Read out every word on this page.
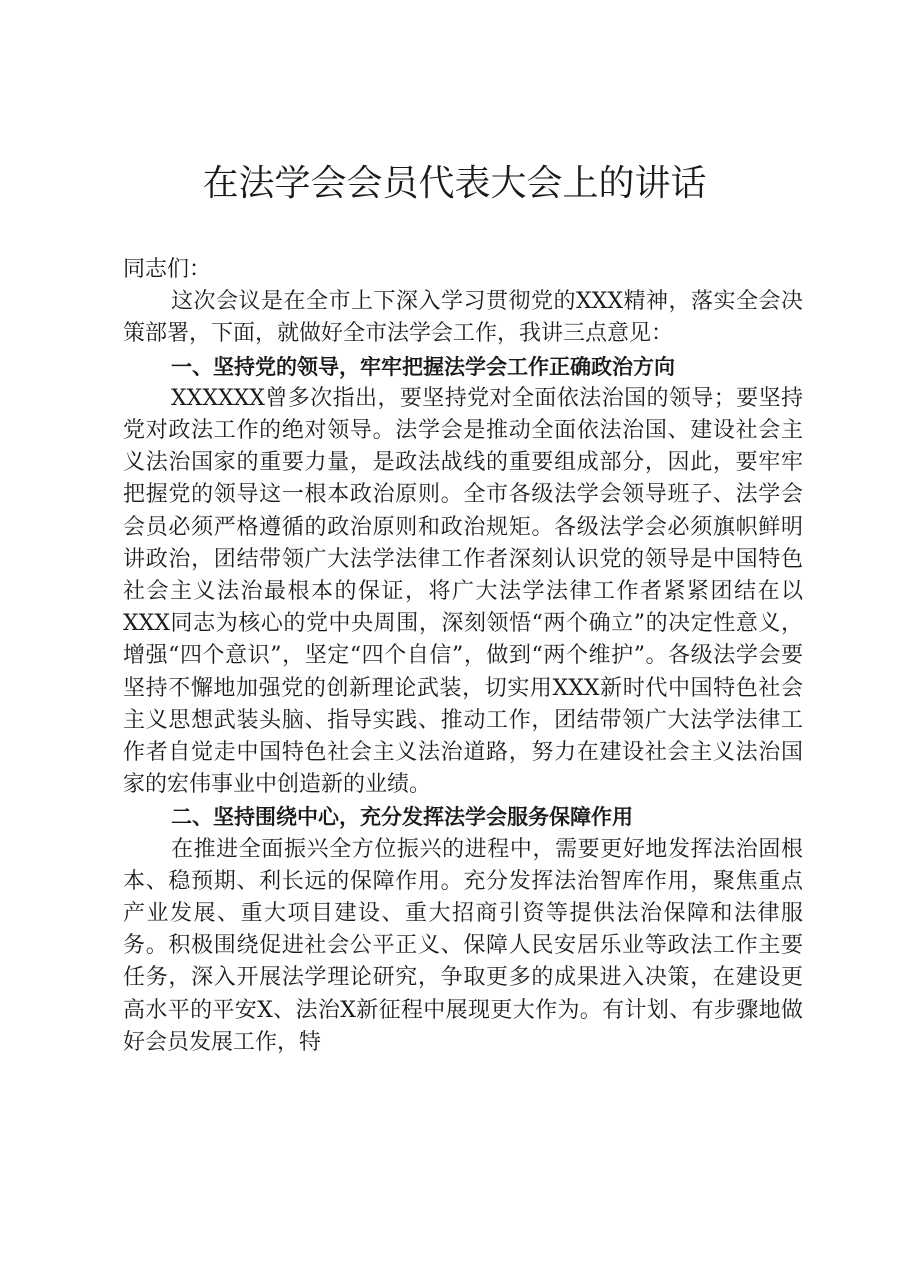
在法学会会员代表大会上的讲话

同志们：

这次会议是在全市上下深入学习贯彻党的XXX精神，落实全会决策部署，下面，就做好全市法学会工作，我讲三点意见：

一、坚持党的领导，牢牢把握法学会工作正确政治方向

XXXXXX曾多次指出，要坚持党对全面依法治国的领导；要坚持党对政法工作的绝对领导。法学会是推动全面依法治国、建设社会主义法治国家的重要力量，是政法战线的重要组成部分，因此，要牢牢把握党的领导这一根本政治原则。全市各级法学会领导班子、法学会会员必须严格遵循的政治原则和政治规矩。各级法学会必须旗帜鲜明讲政治，团结带领广大法学法律工作者深刻认识党的领导是中国特色社会主义法治最根本的保证，将广大法学法律工作者紧紧团结在以XXX同志为核心的党中央周围，深刻领悟“两个确立”的决定性意义，增强“四个意识”，坚定“四个自信”，做到“两个维护”。各级法学会要坚持不懈地加强党的创新理论武装，切实用XXX新时代中国特色社会主义思想武装头脑、指导实践、推动工作，团结带领广大法学法律工作者自觉走中国特色社会主义法治道路，努力在建设社会主义法治国家的宏伟事业中创造新的业绩。

二、坚持围绕中心，充分发挥法学会服务保障作用

在推进全面振兴全方位振兴的进程中，需要更好地发挥法治固根本、稳预期、利长远的保障作用。充分发挥法治智库作用，聚焦重点产业发展、重大项目建设、重大招商引资等提供法治保障和法律服务。积极围绕促进社会公平正义、保障人民安居乐业等政法工作主要任务，深入开展法学理论研究，争取更多的成果进入决策，在建设更高水平的平安X、法治X新征程中展现更大作为。有计划、有步骤地做好会员发展工作，特
